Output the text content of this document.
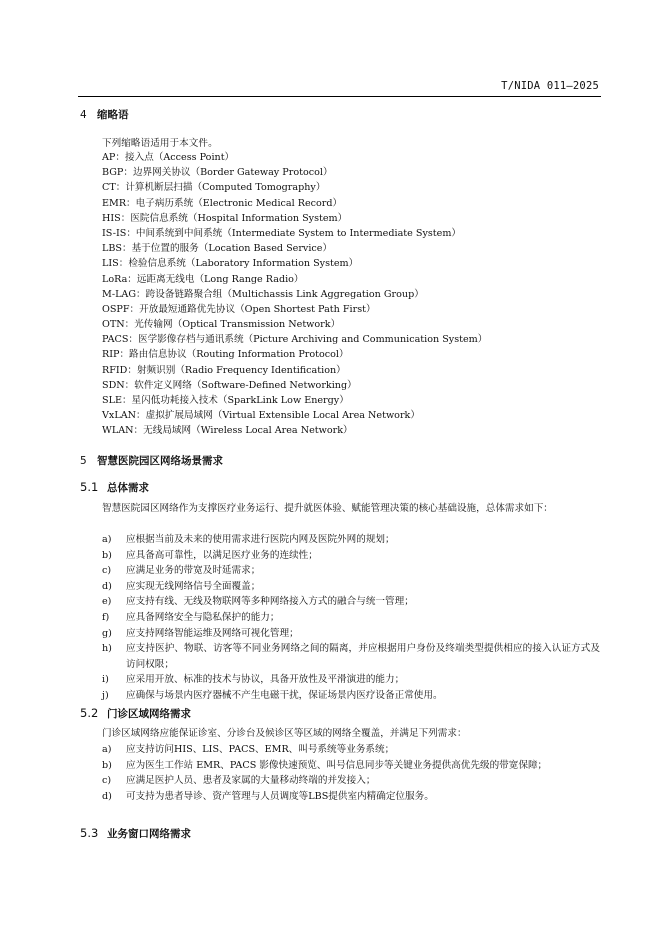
T/NIDA 011—2025
4 缩略语
下列缩略语适用于本文件。
AP：接入点（Access Point）
BGP：边界网关协议（Border Gateway Protocol）
CT：计算机断层扫描（Computed Tomography）
EMR：电子病历系统（Electronic Medical Record）
HIS：医院信息系统（Hospital Information System）
IS-IS：中间系统到中间系统（Intermediate System to Intermediate System）
LBS：基于位置的服务（Location Based Service）
LIS：检验信息系统（Laboratory Information System）
LoRa：远距离无线电（Long Range Radio）
M-LAG：跨设备链路聚合组（Multichassis Link Aggregation Group）
OSPF：开放最短通路优先协议（Open Shortest Path First）
OTN：光传输网（Optical Transmission Network）
PACS：医学影像存档与通讯系统（Picture Archiving and Communication System）
RIP：路由信息协议（Routing Information Protocol）
RFID：射频识别（Radio Frequency Identification）
SDN：软件定义网络（Software-Defined Networking）
SLE：星闪低功耗接入技术（SparkLink Low Energy）
VxLAN：虚拟扩展局域网（Virtual Extensible Local Area Network）
WLAN：无线局域网（Wireless Local Area Network）
5 智慧医院园区网络场景需求
5.1 总体需求
智慧医院园区网络作为支撑医疗业务运行、提升就医体验、赋能管理决策的核心基础设施，总体需求如下：
a) 应根据当前及未来的使用需求进行医院内网及医院外网的规划；
b) 应具备高可靠性，以满足医疗业务的连续性；
c) 应满足业务的带宽及时延需求；
d) 应实现无线网络信号全面覆盖；
e) 应支持有线、无线及物联网等多种网络接入方式的融合与统一管理；
f) 应具备网络安全与隐私保护的能力；
g) 应支持网络智能运维及网络可视化管理；
h) 应支持医护、物联、访客等不同业务网络之间的隔离，并应根据用户身份及终端类型提供相应的接入认证方式及访问权限；
i) 应采用开放、标准的技术与协议，具备开放性及平滑演进的能力；
j) 应确保与场景内医疗器械不产生电磁干扰，保证场景内医疗设备正常使用。
5.2 门诊区域网络需求
门诊区域网络应能保证诊室、分诊台及候诊区等区域的网络全覆盖，并满足下列需求：
a) 应支持访问HIS、LIS、PACS、EMR、叫号系统等业务系统；
b) 应为医生工作站 EMR、PACS 影像快速预览、叫号信息同步等关键业务提供高优先级的带宽保障；
c) 应满足医护人员、患者及家属的大量移动终端的并发接入；
d) 可支持为患者导诊、资产管理与人员调度等LBS提供室内精确定位服务。
5.3 业务窗口网络需求
